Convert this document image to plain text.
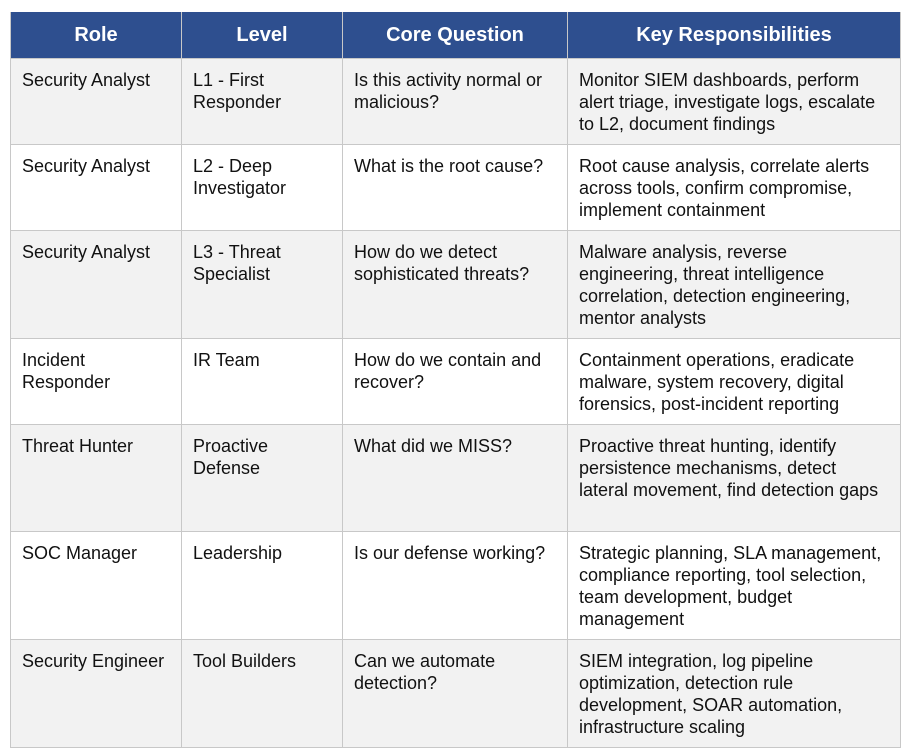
Role	Level	Core Question	Key Responsibilities
Security Analyst	L1 - First Responder	Is this activity normal or malicious?	Monitor SIEM dashboards, perform alert triage, investigate logs, escalate to L2, document findings
Security Analyst	L2 - Deep Investigator	What is the root cause?	Root cause analysis, correlate alerts across tools, confirm compromise, implement containment
Security Analyst	L3 - Threat Specialist	How do we detect sophisticated threats?	Malware analysis, reverse engineering, threat intelligence correlation, detection engineering, mentor analysts
Incident Responder	IR Team	How do we contain and recover?	Containment operations, eradicate malware, system recovery, digital forensics, post-incident reporting
Threat Hunter	Proactive Defense	What did we MISS?	Proactive threat hunting, identify persistence mechanisms, detect lateral movement, find detection gaps
SOC Manager	Leadership	Is our defense working?	Strategic planning, SLA management, compliance reporting, tool selection, team development, budget management
Security Engineer	Tool Builders	Can we automate detection?	SIEM integration, log pipeline optimization, detection rule development, SOAR automation, infrastructure scaling
